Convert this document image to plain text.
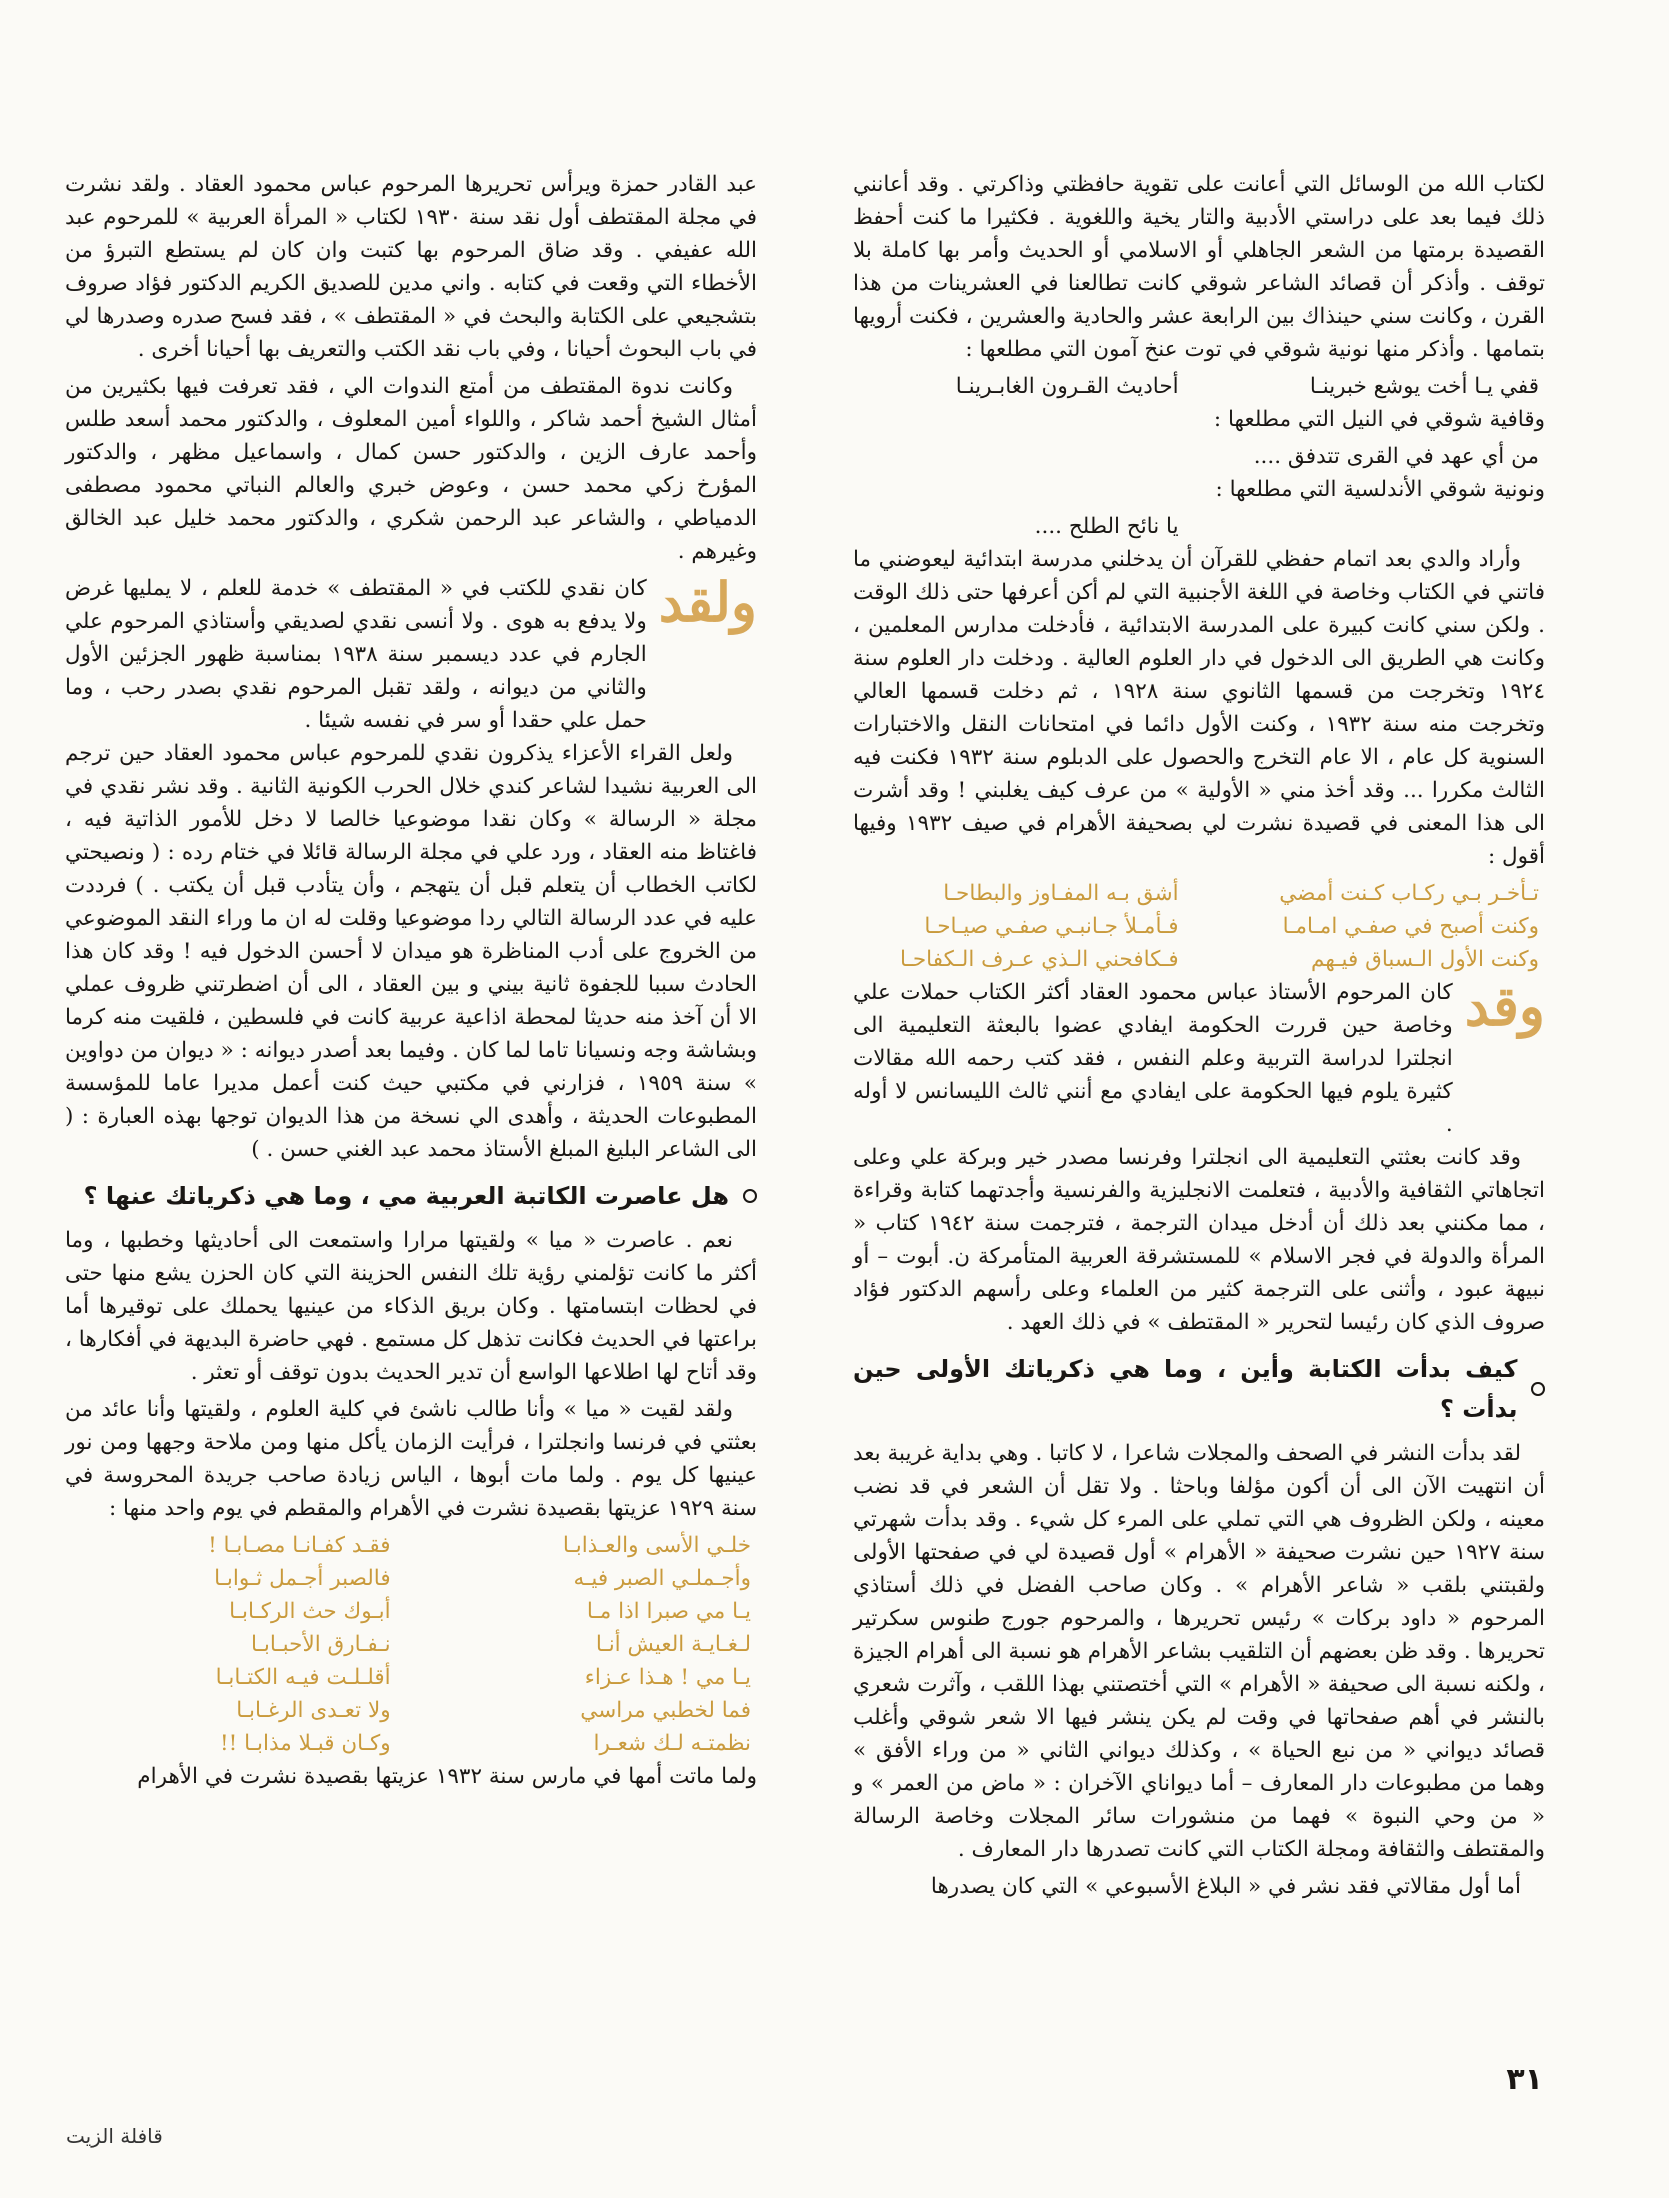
لكتاب الله من الوسائل التي أعانت على تقوية حافظتي وذاكرتي . وقد أعانني ذلك فيما بعد على دراستي الأدبية والتار يخية واللغوية . فكثيرا ما كنت أحفظ القصيدة برمتها من الشعر الجاهلي أو الاسلامي أو الحديث وأمر بها كاملة بلا توقف . وأذكر أن قصائد الشاعر شوقي كانت تطالعنا في العشرينات من هذا القرن ، وكانت سني حينذاك بين الرابعة عشر والحادية والعشرين ، فكنت أرويها بتمامها . وأذكر منها نونية شوقي في توت عنخ آمون التي مطلعها :

قفي يـا أخت يوشع خبرينـا
أحاديث القـرون الغابـرينـا

وقافية شوقي في النيل التي مطلعها :

من أي عهد في القرى تتدفق ....

ونونية شوقي الأندلسية التي مطلعها :

يا نائح الطلح ....

وأراد والدي بعد اتمام حفظي للقرآن أن يدخلني مدرسة ابتدائية ليعوضني ما فاتني في الكتاب وخاصة في اللغة الأجنبية التي لم أكن أعرفها حتى ذلك الوقت . ولكن سني كانت كبيرة على المدرسة الابتدائية ، فأدخلت مدارس المعلمين ، وكانت هي الطريق الى الدخول في دار العلوم العالية . ودخلت دار العلوم سنة ١٩٢٤ وتخرجت من قسمها الثانوي سنة ١٩٢٨ ، ثم دخلت قسمها العالي وتخرجت منه سنة ١٩٣٢ ، وكنت الأول دائما في امتحانات النقل والاختبارات السنوية كل عام ، الا عام التخرج والحصول على الدبلوم سنة ١٩٣٢ فكنت فيه الثالث مكررا ... وقد أخذ مني « الأولية » من عرف كيف يغلبني ! وقد أشرت الى هذا المعنى في قصيدة نشرت لي بصحيفة الأهرام في صيف ١٩٣٢ وفيها أقول :

تـأخـر بـي ركـاب كـنت أمضي
أشق بـه المفـاوز والبطاحـا
وكنت أصبح في صفـي امـامـا
فـأمـلأ جـانبـي صفـي صيـاحـا
وكنت الأول الـسباق فيـهم
فـكافحني الـذي عـرف الـكفاحـا
وقد
كان المرحوم الأستاذ عباس محمود العقاد أكثر الكتاب حملات علي وخاصة حين قررت الحكومة ايفادي عضوا بالبعثة التعليمية الى انجلترا لدراسة التربية وعلم النفس ، فقد كتب رحمه الله مقالات كثيرة يلوم فيها الحكومة على ايفادي مع أنني ثالث الليسانس لا أوله .

وقد كانت بعثتي التعليمية الى انجلترا وفرنسا مصدر خير وبركة علي وعلى اتجاهاتي الثقافية والأدبية ، فتعلمت الانجليزية والفرنسية وأجدتهما كتابة وقراءة ، مما مكنني بعد ذلك أن أدخل ميدان الترجمة ، فترجمت سنة ١٩٤٢ كتاب « المرأة والدولة في فجر الاسلام » للمستشرقة العربية المتأمركة ن. أبوت – أو نبيهة عبود ، وأثنى على الترجمة كثير من العلماء وعلى رأسهم الدكتور فؤاد صروف الذي كان رئيسا لتحرير « المقتطف » في ذلك العهد .

كيف بدأت الكتابة وأين ، وما هي ذكرياتك الأولى حين بدأت ؟

لقد بدأت النشر في الصحف والمجلات شاعرا ، لا كاتبا . وهي بداية غريبة بعد أن انتهيت الآن الى أن أكون مؤلفا وباحثا . ولا تقل أن الشعر في قد نضب معينه ، ولكن الظروف هي التي تملي على المرء كل شيء . وقد بدأت شهرتي سنة ١٩٢٧ حين نشرت صحيفة « الأهرام » أول قصيدة لي في صفحتها الأولى ولقبتني بلقب « شاعر الأهرام » . وكان صاحب الفضل في ذلك أستاذي المرحوم « داود بركات » رئيس تحريرها ، والمرحوم جورج طنوس سكرتير تحريرها . وقد ظن بعضهم أن التلقيب بشاعر الأهرام هو نسبة الى أهرام الجيزة ، ولكنه نسبة الى صحيفة « الأهرام » التي أختصتني بهذا اللقب ، وآثرت شعري بالنشر في أهم صفحاتها في وقت لم يكن ينشر فيها الا شعر شوقي وأغلب قصائد ديواني « من نبع الحياة » ، وكذلك ديواني الثاني « من وراء الأفق » وهما من مطبوعات دار المعارف – أما ديواناي الآخران : « ماض من العمر » و « من وحي النبوة » فهما من منشورات سائر المجلات وخاصة الرسالة والمقتطف والثقافة ومجلة الكتاب التي كانت تصدرها دار المعارف .

أما أول مقالاتي فقد نشر في « البلاغ الأسبوعي » التي كان يصدرها

عبد القادر حمزة ويرأس تحريرها المرحوم عباس محمود العقاد . ولقد نشرت في مجلة المقتطف أول نقد سنة ١٩٣٠ لكتاب « المرأة العربية » للمرحوم عبد الله عفيفي . وقد ضاق المرحوم بها كتبت وان كان لم يستطع التبرؤ من الأخطاء التي وقعت في كتابه . واني مدين للصديق الكريم الدكتور فؤاد صروف بتشجيعي على الكتابة والبحث في « المقتطف » ، فقد فسح صدره وصدرها لي في باب البحوث أحيانا ، وفي باب نقد الكتب والتعريف بها أحيانا أخرى .

وكانت ندوة المقتطف من أمتع الندوات الي ، فقد تعرفت فيها بكثيرين من أمثال الشيخ أحمد شاكر ، واللواء أمين المعلوف ، والدكتور محمد أسعد طلس وأحمد عارف الزين ، والدكتور حسن كمال ، واسماعيل مظهر ، والدكتور المؤرخ زكي محمد حسن ، وعوض خبري والعالم النباتي محمود مصطفى الدمياطي ، والشاعر عبد الرحمن شكري ، والدكتور محمد خليل عبد الخالق وغيرهم .

ولقد
كان نقدي للكتب في « المقتطف » خدمة للعلم ، لا يمليها غرض ولا يدفع به هوى . ولا أنسى نقدي لصديقي وأستاذي المرحوم علي الجارم في عدد ديسمبر سنة ١٩٣٨ بمناسبة ظهور الجزئين الأول والثاني من ديوانه ، ولقد تقبل المرحوم نقدي بصدر رحب ، وما حمل علي حقدا أو سر في نفسه شيئا .

ولعل القراء الأعزاء يذكرون نقدي للمرحوم عباس محمود العقاد حين ترجم الى العربية نشيدا لشاعر كندي خلال الحرب الكونية الثانية . وقد نشر نقدي في مجلة « الرسالة » وكان نقدا موضوعيا خالصا لا دخل للأمور الذاتية فيه ، فاغتاظ منه العقاد ، ورد علي في مجلة الرسالة قائلا في ختام رده : ( ونصيحتي لكاتب الخطاب أن يتعلم قبل أن يتهجم ، وأن يتأدب قبل أن يكتب . ) فرددت عليه في عدد الرسالة التالي ردا موضوعيا وقلت له ان ما وراء النقد الموضوعي من الخروج على أدب المناظرة هو ميدان لا أحسن الدخول فيه ! وقد كان هذا الحادث سببا للجفوة ثانية بيني و بين العقاد ، الى أن اضطرتني ظروف عملي الا أن آخذ منه حديثا لمحطة اذاعية عربية كانت في فلسطين ، فلقيت منه كرما وبشاشة وجه ونسيانا تاما لما كان . وفيما بعد أصدر ديوانه : « ديوان من دواوين » سنة ١٩٥٩ ، فزارني في مكتبي حيث كنت أعمل مديرا عاما للمؤسسة المطبوعات الحديثة ، وأهدى الي نسخة من هذا الديوان توجها بهذه العبارة : ( الى الشاعر البليغ المبلغ الأستاذ محمد عبد الغني حسن . )

هل عاصرت الكاتبة العربية مي ، وما هي ذكرياتك عنها ؟

نعم . عاصرت « ميا » ولقيتها مرارا واستمعت الى أحاديثها وخطبها ، وما أكثر ما كانت تؤلمني رؤية تلك النفس الحزينة التي كان الحزن يشع منها حتى في لحظات ابتسامتها . وكان بريق الذكاء من عينيها يحملك على توقيرها أما براعتها في الحديث فكانت تذهل كل مستمع . فهي حاضرة البديهة في أفكارها ، وقد أتاح لها اطلاعها الواسع أن تدير الحديث بدون توقف أو تعثر .

ولقد لقيت « ميا » وأنا طالب ناشئ في كلية العلوم ، ولقيتها وأنا عائد من بعثتي في فرنسا وانجلترا ، فرأيت الزمان يأكل منها ومن ملاحة وجهها ومن نور عينيها كل يوم . ولما مات أبوها ، الياس زيادة صاحب جريدة المحروسة في سنة ١٩٢٩ عزيتها بقصيدة نشرت في الأهرام والمقطم في يوم واحد منها :

خلـي الأسى والعـذابـا
فقـد كفـانـا مصـابـا !
وأجـملـي الصبر فيـه
فالصبر أجـمل ثـوابـا
يـا مي صبرا اذا مـا
أبـوك حث الركـابـا
لـغـايـة العيش أنـا
نـفـارق الأحبـابـا
يـا مي ! هـذا عـزاء
أقلـلـت فيـه الكتـابـا
فما لخطبي مراسي
ولا تعـدى الرغـابـا
نظمتـه لـك شعـرا
وكـان قبـلا مذابـا !!

ولما ماتت أمها في مارس سنة ١٩٣٢ عزيتها بقصيدة نشرت في الأهرام

٣١
قافلة الزيت
